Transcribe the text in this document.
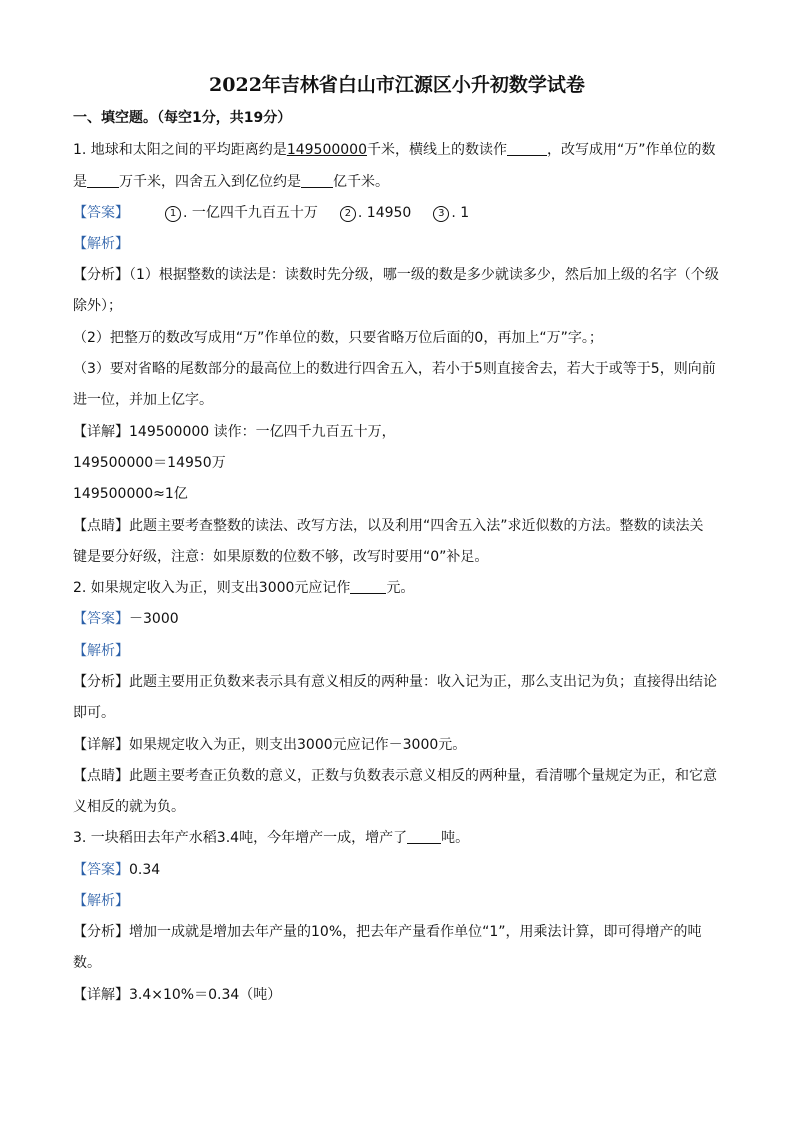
2022年吉林省白山市江源区小升初数学试卷
一、填空题。（每空1分，共19分）
1. 地球和太阳之间的平均距离约是149500000千米，横线上的数读作	，改写成用“万”作单位的数
是 万千米，四舍五入到亿位约是 亿千米。
【答案】	1 . 一亿四千九百五十万	2 . 14950	3 . 1
【解析】
【分析】（1）根据整数的读法是：读数时先分级，哪一级的数是多少就读多少，然后加上级的名字（个级
除外）；
（2）把整万的数改写成用“万”作单位的数，只要省略万位后面的0，再加上“万”字。；
（3）要对省略的尾数部分的最高位上的数进行四舍五入，若小于5则直接舍去，若大于或等于5，则向前
进一位，并加上亿字。
【详解】149500000 读作：一亿四千九百五十万，
149500000＝14950万
149500000≈1亿
【点睛】此题主要考查整数的读法、改写方法，以及利用“四舍五入法”求近似数的方法。整数的读法关
键是要分好级，注意：如果原数的位数不够，改写时要用“0”补足。
2. 如果规定收入为正，则支出3000元应记作	元。
【答案】－3000
【解析】
【分析】此题主要用正负数来表示具有意义相反的两种量：收入记为正，那么支出记为负；直接得出结论
即可。
【详解】如果规定收入为正，则支出3000元应记作－3000元。
【点睛】此题主要考查正负数的意义，正数与负数表示意义相反的两种量，看清哪个量规定为正，和它意
义相反的就为负。
3. 一块稻田去年产水稻3.4吨，今年增产一成，增产了 吨。
【答案】0.34
【解析】
【分析】增加一成就是增加去年产量的10%，把去年产量看作单位“1”，用乘法计算，即可得增产的吨
数。
【详解】3.4×10%＝0.34（吨）
